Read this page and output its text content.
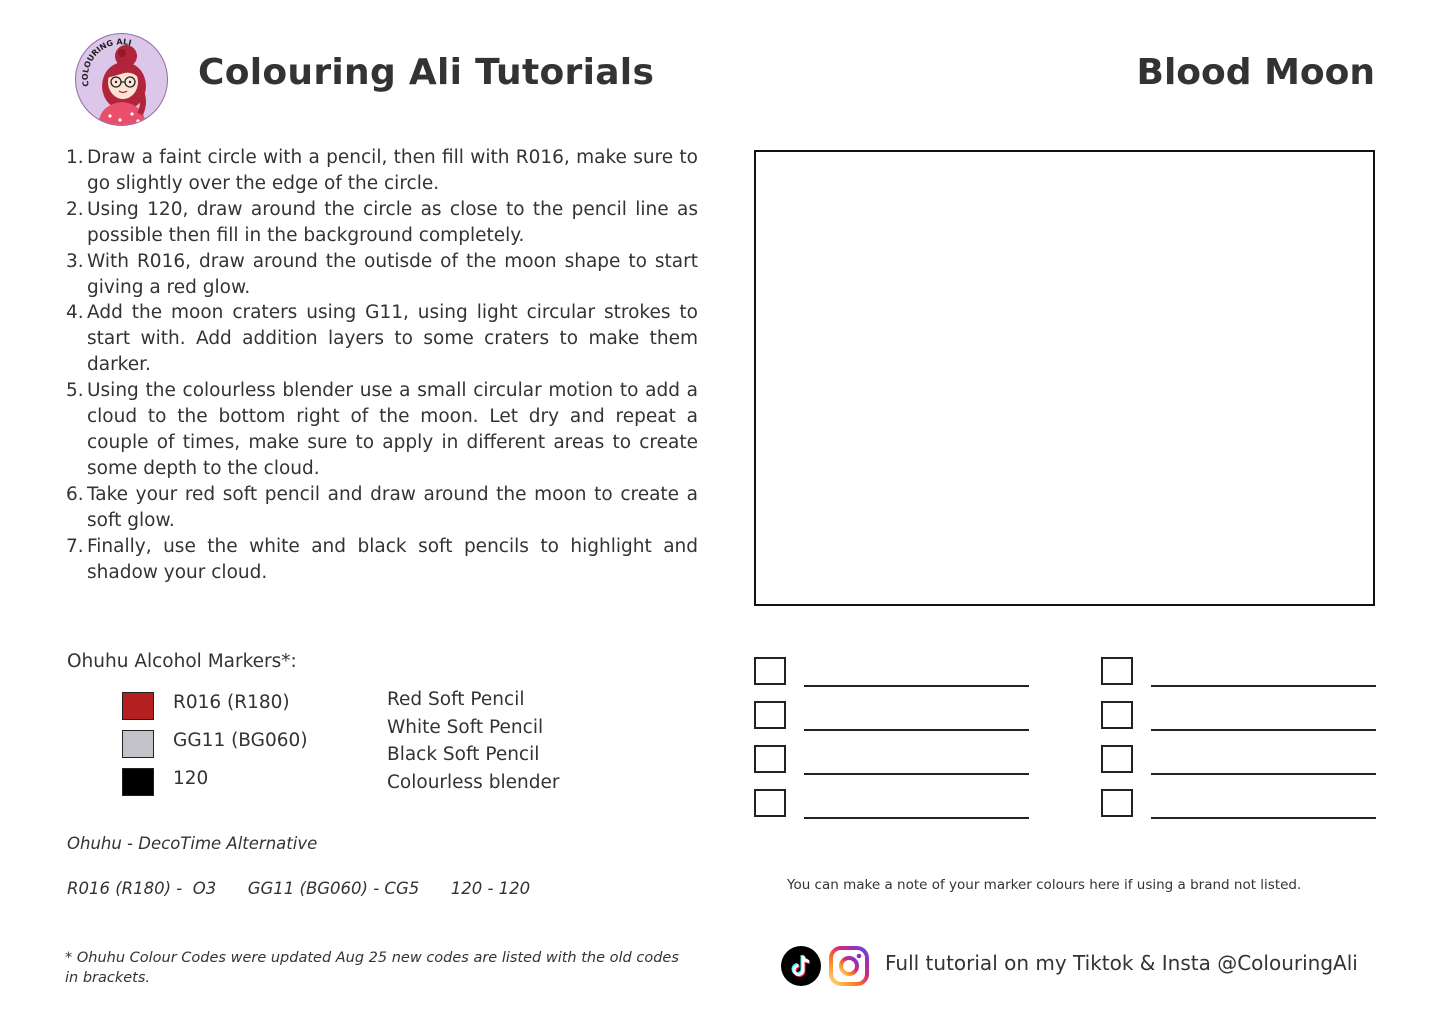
COLOURING ALI
Colouring Ali Tutorials	Blood Moon
1. Draw a faint circle with a pencil, then fill with R016, make sure to go slightly over the edge of the circle.
2. Using 120, draw around the circle as close to the pencil line as possible then fill in the background completely.
3. With R016, draw around the outisde of the moon shape to start giving a red glow.
4. Add the moon craters using G11, using light circular strokes to start with. Add addition layers to some craters to make them darker.
5. Using the colourless blender use a small circular motion to add a cloud to the bottom right of the moon. Let dry and repeat a couple of times, make sure to apply in different areas to create some depth to the cloud.
6. Take your red soft pencil and draw around the moon to create a soft glow.
7. Finally, use the white and black soft pencils to highlight and shadow your cloud.
Ohuhu Alcohol Markers*:
R016 (R180)
GG11 (BG060)
120
Red Soft Pencil
White Soft Pencil
Black Soft Pencil
Colourless blender
Ohuhu - DecoTime Alternative
R016 (R180) -  O3 GG11 (BG060) - CG5 120 - 120
* Ohuhu Colour Codes were updated Aug 25 new codes are listed with the old codes in brackets.
You can make a note of your marker colours here if using a brand not listed.
Full tutorial on my Tiktok & Insta @ColouringAli
